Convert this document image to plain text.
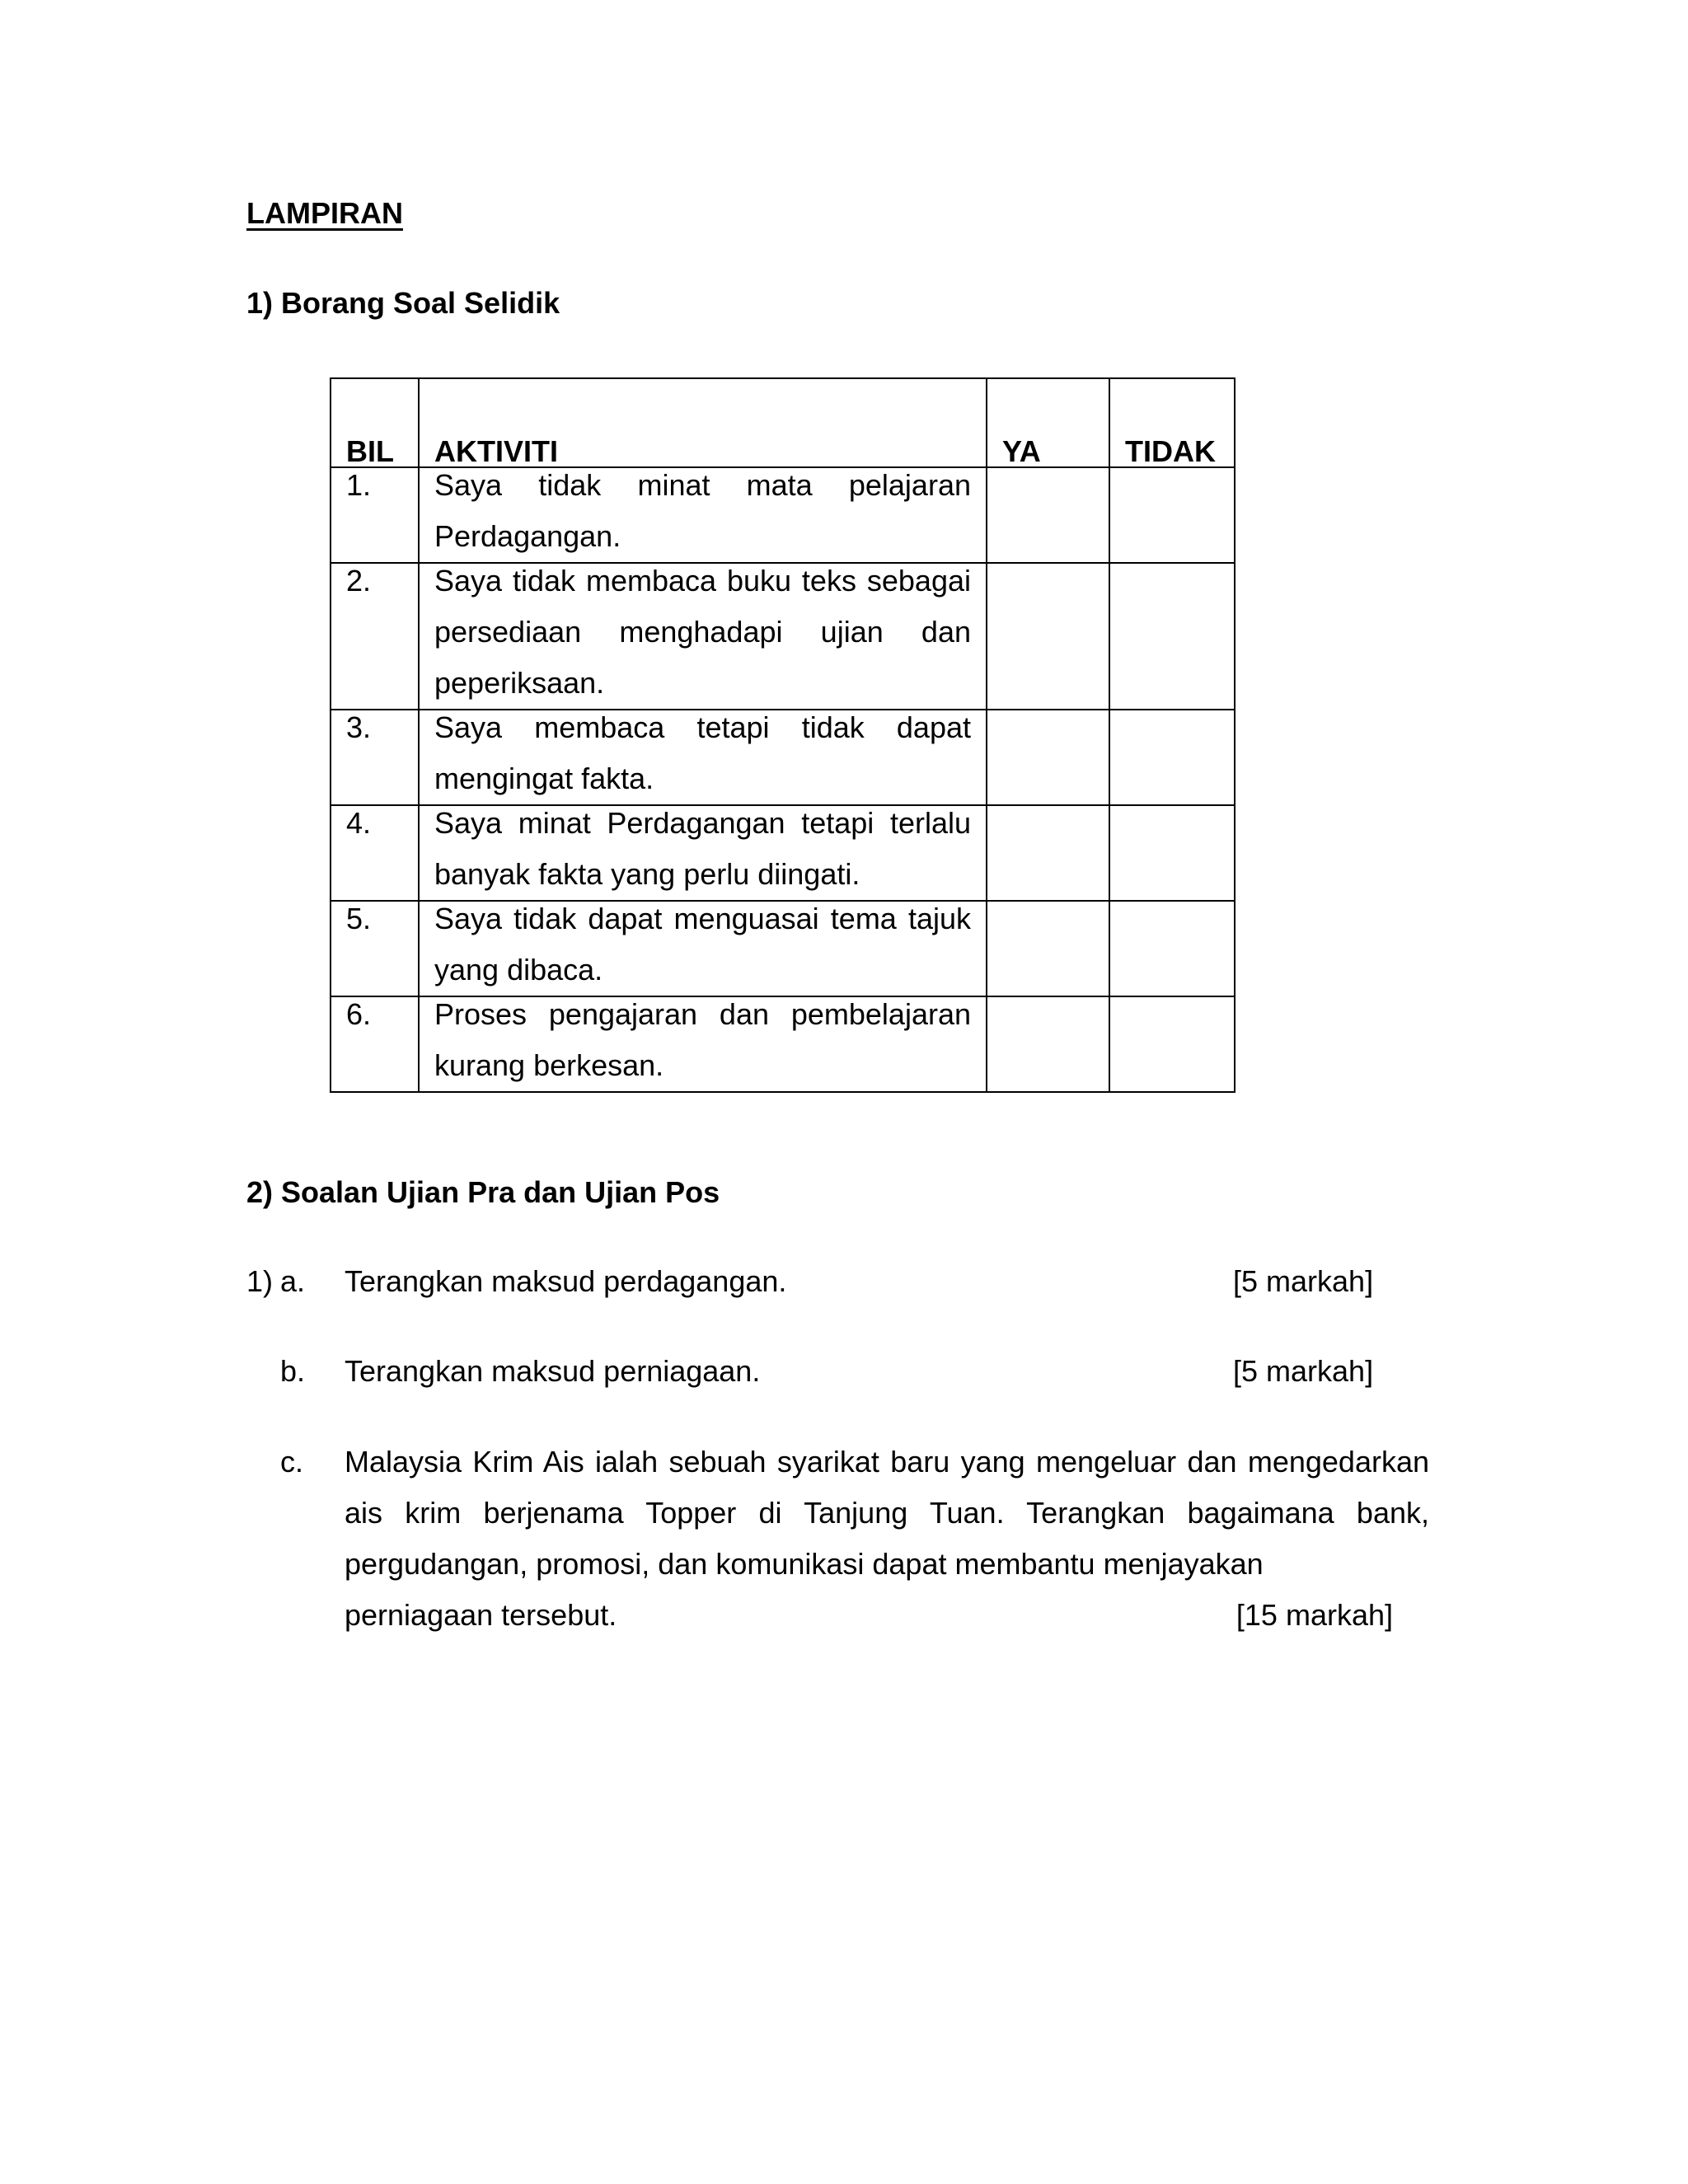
LAMPIRAN
1) Borang Soal Selidik
BIL	AKTIVITI	YA	TIDAK
1.	Saya tidak minat mata pelajaran Perdagangan.		

2.	Saya tidak membaca buku teks sebagai persediaan menghadapi ujian dan peperiksaan.		

3.	Saya membaca tetapi tidak dapat mengingat fakta.		

4.	Saya minat Perdagangan tetapi terlalu banyak fakta yang perlu diingati.		

5.	Saya tidak dapat menguasai tema tajuk yang dibaca.		

6.	Proses pengajaran dan pembelajaran kurang berkesan.		

2) Soalan Ujian Pra dan Ujian Pos
1) a. Terangkan maksud perdagangan.	[5 markah]
b. Terangkan maksud perniagaan.	[5 markah]
c. Malaysia Krim Ais ialah sebuah syarikat baru yang mengeluar dan mengedarkan ais krim berjenama Topper di Tanjung Tuan. Terangkan bagaimana bank, pergudangan, promosi, dan komunikasi dapat membantu menjayakan
perniagaan tersebut.	[15 markah]
